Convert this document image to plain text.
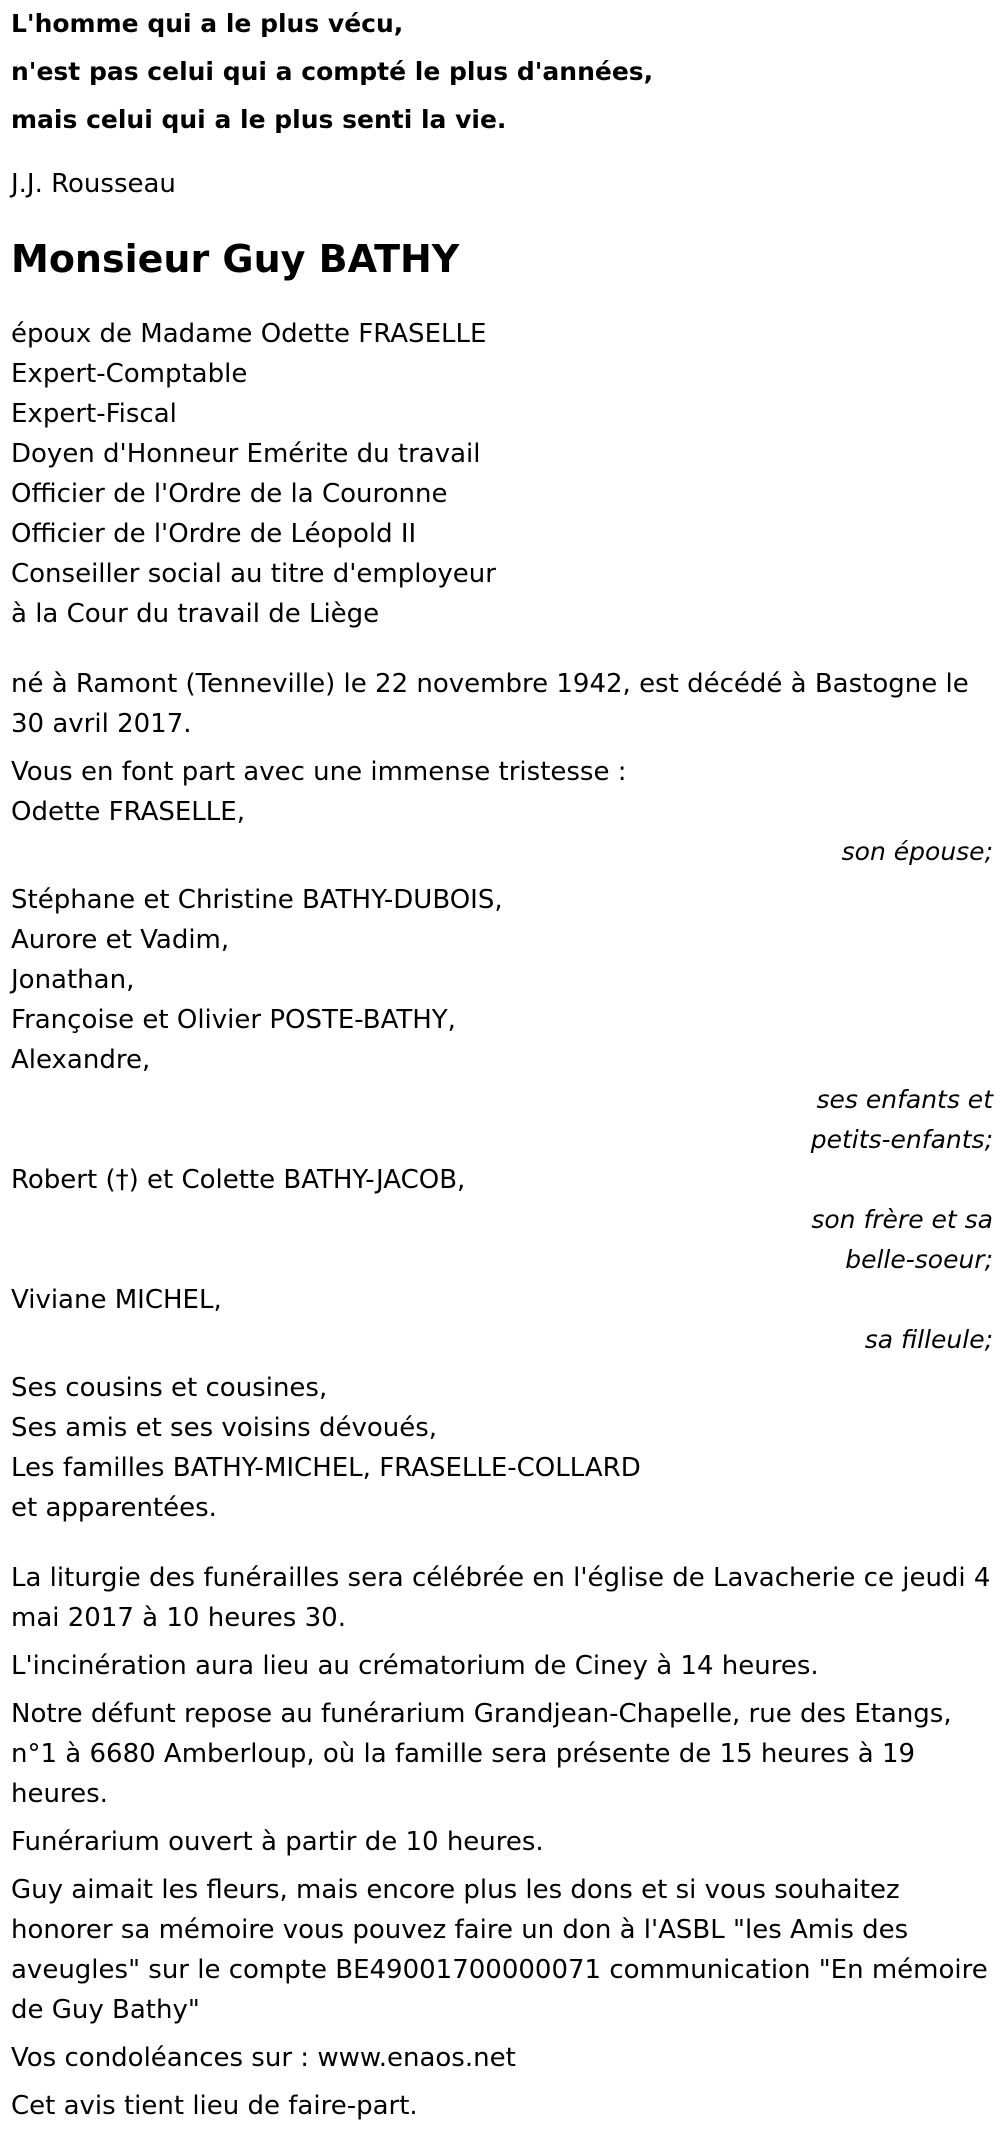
L'homme qui a le plus vécu,

n'est pas celui qui a compté le plus d'années,

mais celui qui a le plus senti la vie.

J.J. Rousseau

Monsieur Guy BATHY

époux de Madame Odette FRASELLE

Expert-Comptable

Expert-Fiscal

Doyen d'Honneur Emérite du travail

Officier de l'Ordre de la Couronne

Officier de l'Ordre de Léopold II

Conseiller social au titre d'employeur

à la Cour du travail de Liège

né à Ramont (Tenneville) le 22 novembre 1942, est décédé à Bastogne le 30 avril 2017.

Vous en font part avec une immense tristesse :

Odette FRASELLE,

son épouse;

Stéphane et Christine BATHY-DUBOIS,

Aurore et Vadim,

Jonathan,

Françoise et Olivier POSTE-BATHY,

Alexandre,

ses enfants et

petits-enfants;

Robert (†) et Colette BATHY-JACOB,

son frère et sa

belle-soeur;

Viviane MICHEL,

sa filleule;

Ses cousins et cousines,

Ses amis et ses voisins dévoués,

Les familles BATHY-MICHEL, FRASELLE-COLLARD

et apparentées.

La liturgie des funérailles sera célébrée en l'église de Lavacherie ce jeudi 4 mai 2017 à 10 heures 30.

L'incinération aura lieu au crématorium de Ciney à 14 heures.

Notre défunt repose au funérarium Grandjean-Chapelle, rue des Etangs, n°1 à 6680 Amberloup, où la famille sera présente de 15 heures à 19 heures.

Funérarium ouvert à partir de 10 heures.

Guy aimait les fleurs, mais encore plus les dons et si vous souhaitez honorer sa mémoire vous pouvez faire un don à l'ASBL "les Amis des aveugles" sur le compte BE49001700000071 communication "En mémoire de Guy Bathy"

Vos condoléances sur : www.enaos.net

Cet avis tient lieu de faire-part.
